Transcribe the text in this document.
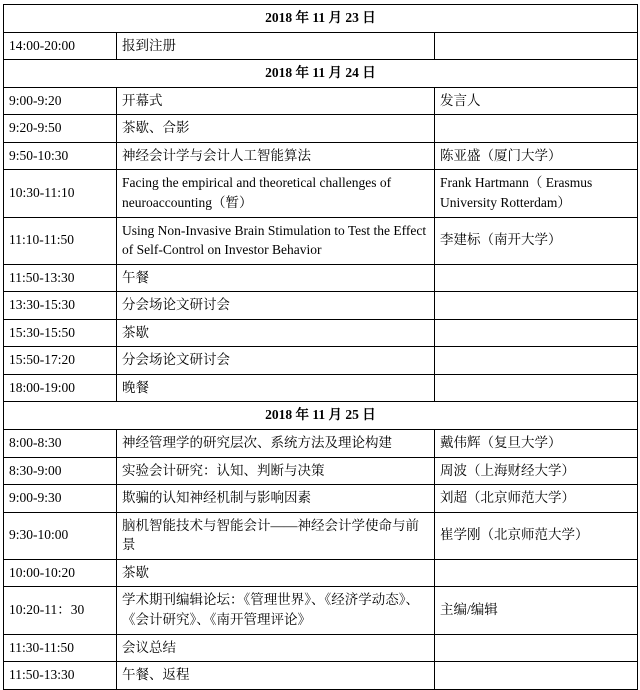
2018 年 11 月 23 日		
14:00-20:00	报到注册	
2018 年 11 月 24 日		
9:00-9:20	开幕式	发言人
9:20-9:50	茶歇、合影	
9:50-10:30	神经会计学与会计人工智能算法	陈亚盛（厦门大学）
10:30-11:10	Facing the empirical and theoretical challenges of neuroaccounting（暂）	Frank Hartmann（ Erasmus University Rotterdam）
11:10-11:50	Using Non-Invasive Brain Stimulation to Test the Effect of Self-Control on Investor Behavior	李建标（南开大学）
11:50-13:30	午餐	
13:30-15:30	分会场论文研讨会	
15:30-15:50	茶歇	
15:50-17:20	分会场论文研讨会	
18:00-19:00	晚餐	
2018 年 11 月 25 日		
8:00-8:30	神经管理学的研究层次、系统方法及理论构建	戴伟辉（复旦大学）
8:30-9:00	实验会计研究：认知、判断与决策	周波（上海财经大学）
9:00-9:30	欺骗的认知神经机制与影响因素	刘超（北京师范大学）
9:30-10:00	脑机智能技术与智能会计——神经会计学使命与前景	崔学刚（北京师范大学）
10:00-10:20	茶歇	
10:20-11：30	学术期刊编辑论坛：《管理世界》、《经济学动态》、《会计研究》、《南开管理评论》	主编/编辑
11:30-11:50	会议总结	
11:50-13:30	午餐、返程	
